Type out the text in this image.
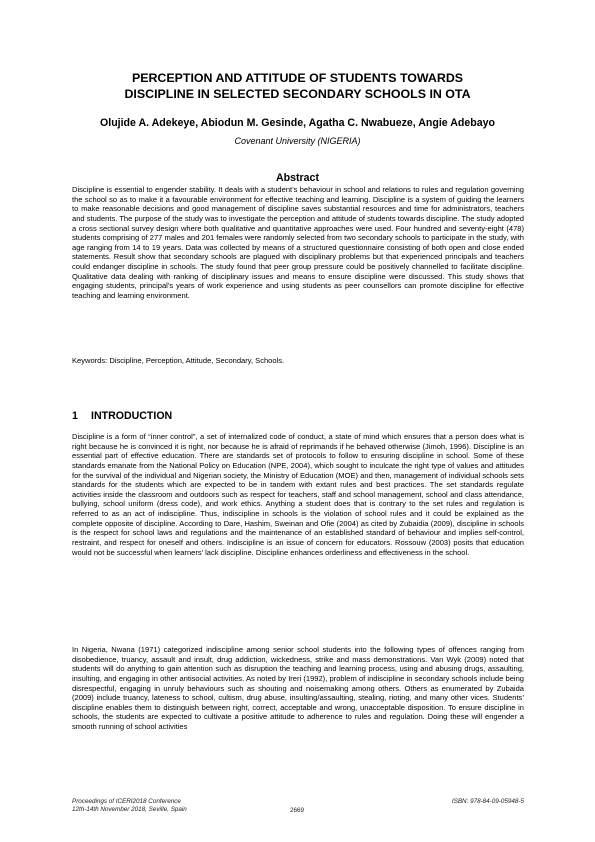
PERCEPTION AND ATTITUDE OF STUDENTS TOWARDS
DISCIPLINE IN SELECTED SECONDARY SCHOOLS IN OTA

Olujide A. Adekeye, Abiodun M. Gesinde, Agatha C. Nwabueze, Angie Adebayo

Covenant University (NIGERIA)

Abstract

Discipline is essential to engender stability. It deals with a student’s behaviour in school and relations to rules and regulation governing the school so as to make it a favourable environment for effective teaching and learning. Discipline is a system of guiding the learners to make reasonable decisions and good management of discipline saves substantial resources and time for administrators, teachers and students. The purpose of the study was to investigate the perception and attitude of students towards discipline. The study adopted a cross sectional survey design where both qualitative and quantitative approaches were used. Four hundred and seventy-eight (478) students comprising of 277 males and 201 females were randomly selected from two secondary schools to participate in the study, with age ranging from 14 to 19 years. Data was collected by means of a structured questionnaire consisting of both open and close ended statements. Result show that secondary schools are plagued with disciplinary problems but that experienced principals and teachers could endanger discipline in schools. The study found that peer group pressure could be positively channelled to facilitate discipline. Qualitative data dealing with ranking of disciplinary issues and means to ensure discipline were discussed. This study shows that engaging students, principal’s years of work experience and using students as peer counsellors can promote discipline for effective teaching and learning environment.

Keywords: Discipline, Perception, Attitude, Secondary, Schools.

1 INTRODUCTION

Discipline is a form of “inner control”, a set of internalized code of conduct, a state of mind which ensures that a person does what is right because he is convinced it is right, nor because he is afraid of reprimands if he behaved otherwise (Jimoh, 1996). Discipline is an essential part of effective education. There are standards set of protocols to follow to ensuring discipline in school. Some of these standards emanate from the National Policy on Education (NPE, 2004), which sought to inculcate the right type of values and attitudes for the survival of the individual and Nigerian society, the Ministry of Education (MOE) and then, management of individual schools sets standards for the students which are expected to be in tandem with extant rules and best practices. The set standards regulate activities inside the classroom and outdoors such as respect for teachers, staff and school management, school and class attendance, bullying, school uniform (dress code), and work ethics. Anything a student does that is contrary to the set rules and regulation is referred to as an act of indiscipline. Thus, indiscipline in schools is the violation of school rules and it could be explained as the complete opposite of discipline. According to Dare, Hashim, Sweinan and Ofie (2004) as cited by Zubaidia (2009), discipline in schools is the respect for school laws and regulations and the maintenance of an established standard of behaviour and implies self-control, restraint, and respect for oneself and others. Indiscipline is an issue of concern for educators. Rossouw (2003) posits that education would not be successful when learners’ lack discipline. Discipline enhances orderliness and effectiveness in the school.

In Nigeria, Nwana (1971) categorized indiscipline among senior school students into the following types of offences ranging from disobedience, truancy, assault and insult, drug addiction, wickedness, strike and mass demonstrations. Van Wyk (2009) noted that students will do anything to gain attention such as disruption the teaching and learning process, using and abusing drugs, assaulting, insulting, and engaging in other antisocial activities. As noted by Ireri (1992), problem of indiscipline in secondary schools include being disrespectful, engaging in unruly behaviours such as shouting and noisemaking among others. Others as enumerated by Zubaida (2009) include truancy, lateness to school, cultism, drug abuse, insulting/assaulting, stealing, rioting, and many other vices. Students’ discipline enables them to distinguish between right, correct, acceptable and wrong, unacceptable disposition. To ensure discipline in schools, the students are expected to cultivate a positive attitude to adherence to rules and regulation. Doing these will engender a smooth running of school activities

Proceedings of ICERI2018 Conference
12th-14th November 2018, Seville, Spain	2669

ISBN: 978-84-09-05948-5
